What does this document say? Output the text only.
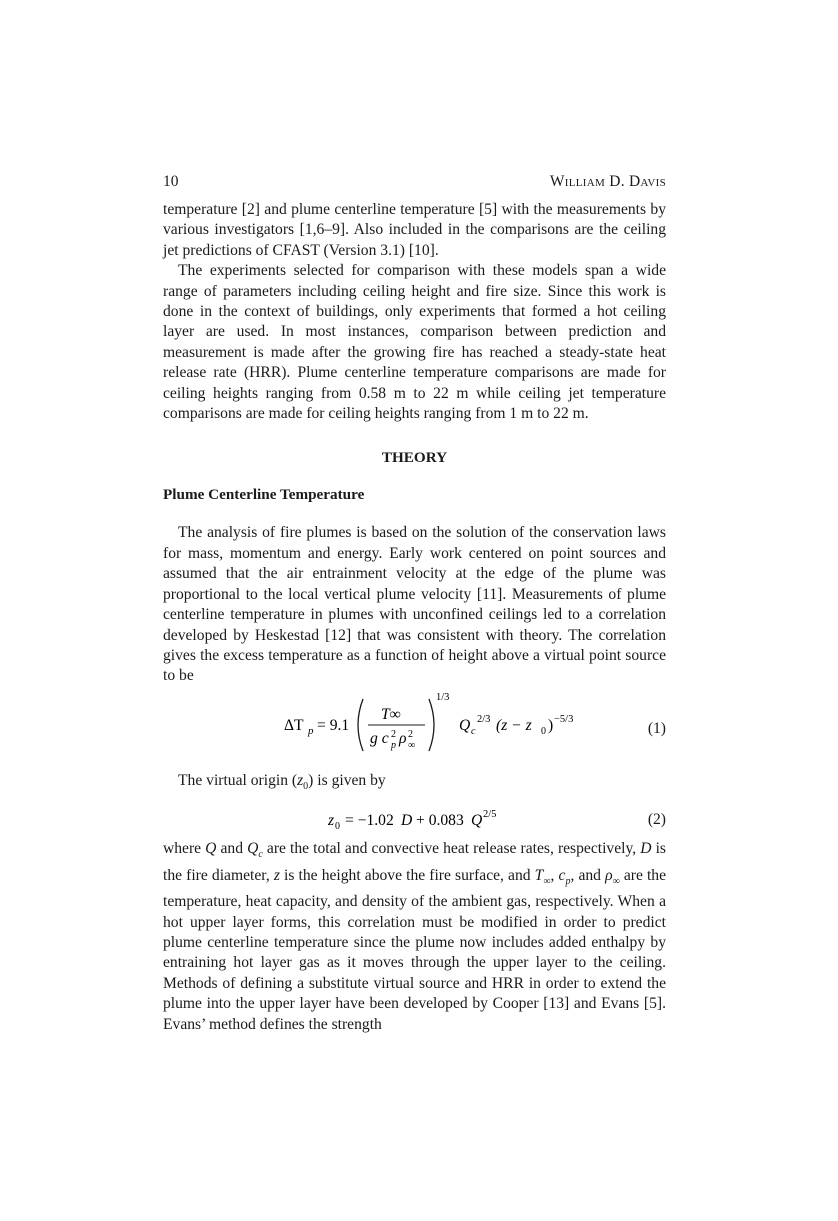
10	William D. Davis

temperature [2] and plume centerline temperature [5] with the measurements by various investigators [1,6–9]. Also included in the comparisons are the ceiling jet predictions of CFAST (Version 3.1) [10].

The experiments selected for comparison with these models span a wide range of parameters including ceiling height and fire size. Since this work is done in the context of buildings, only experiments that formed a hot ceiling layer are used. In most instances, comparison between prediction and measurement is made after the growing fire has reached a steady-state heat release rate (HRR). Plume centerline temperature comparisons are made for ceiling heights ranging from 0.58 m to 22 m while ceiling jet temperature comparisons are made for ceiling heights ranging from 1 m to 22 m.

THEORY
Plume Centerline Temperature

The analysis of fire plumes is based on the solution of the conservation laws for mass, momentum and energy. Early work centered on point sources and assumed that the air entrainment velocity at the edge of the plume was proportional to the local vertical plume velocity [11]. Measurements of plume centerline temperature in plumes with unconfined ceilings led to a correlation developed by Heskestad [12] that was consistent with theory. The correlation gives the excess temperature as a function of height above a virtual point source to be

ΔT p = 9.1
T∞
g c 2
p ρ 2
∞
1/3
Q c
2/3 (z − z 0 ) −5/3
(1)

The virtual origin $(z_0)$ is given by

z 0 = −1.02 D + 0.083 Q 2/5	(2)

where Q and $Q_c$ are the total and convective heat release rates, respectively, D is the fire diameter, z is the height above the fire surface, and $T_\infty$, $c_p$, and $\rho_\infty$ are the temperature, heat capacity, and density of the ambient gas, respectively. When a hot upper layer forms, this correlation must be modified in order to predict plume centerline temperature since the plume now includes added enthalpy by entraining hot layer gas as it moves through the upper layer to the ceiling. Methods of defining a substitute virtual source and HRR in order to extend the plume into the upper layer have been developed by Cooper [13] and Evans [5]. Evans’ method defines the strength
